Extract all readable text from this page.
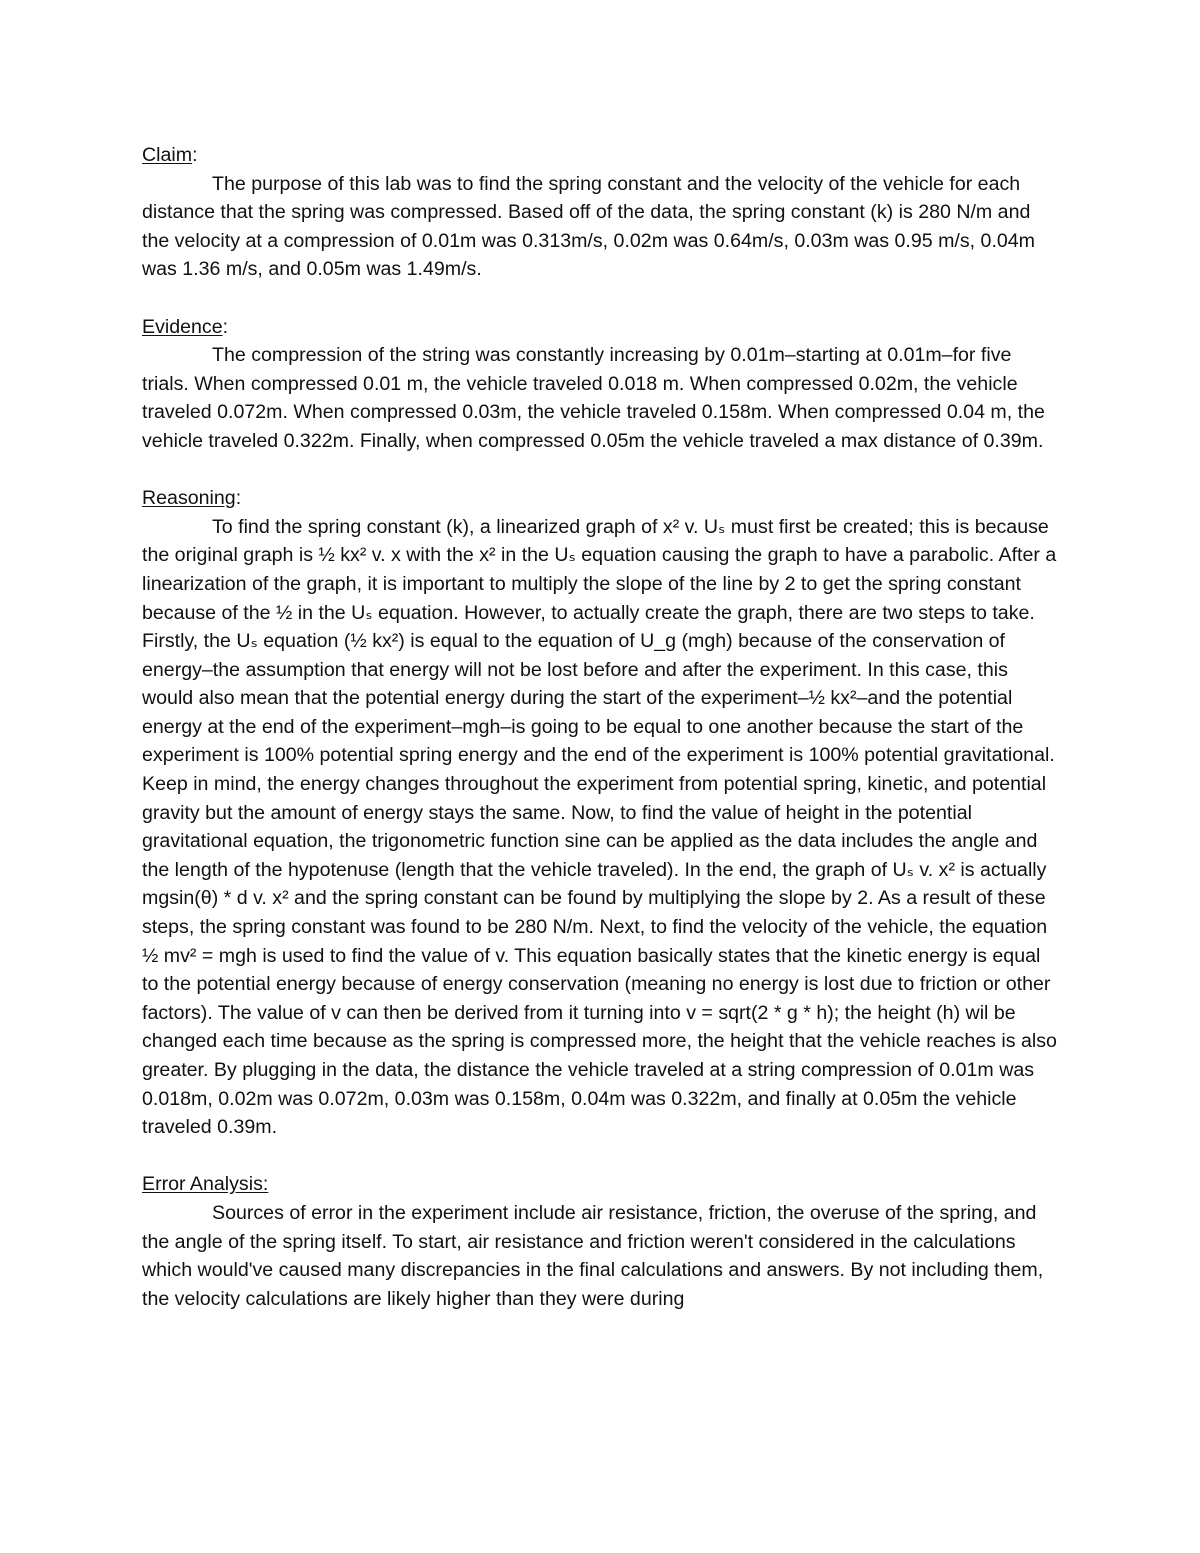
Claim:

The purpose of this lab was to find the spring constant and the velocity of the vehicle for each distance that the spring was compressed. Based off of the data, the spring constant (k) is 280 N/m and the velocity at a compression of 0.01m was 0.313m/s, 0.02m was 0.64m/s, 0.03m was 0.95 m/s, 0.04m was 1.36 m/s, and 0.05m was 1.49m/s.

Evidence:

The compression of the string was constantly increasing by 0.01m–starting at 0.01m–for five trials. When compressed 0.01 m, the vehicle traveled 0.018 m. When compressed 0.02m, the vehicle traveled 0.072m. When compressed 0.03m, the vehicle traveled 0.158m. When compressed 0.04 m, the vehicle traveled 0.322m. Finally, when compressed 0.05m the vehicle traveled a max distance of 0.39m.

Reasoning:

To find the spring constant (k), a linearized graph of x² v. Uₛ must first be created; this is because the original graph is ½ kx² v. x with the x² in the Uₛ equation causing the graph to have a parabolic. After a linearization of the graph, it is important to multiply the slope of the line by 2 to get the spring constant because of the ½ in the Uₛ equation. However, to actually create the graph, there are two steps to take. Firstly, the Uₛ equation (½ kx²) is equal to the equation of U_g (mgh) because of the conservation of energy–the assumption that energy will not be lost before and after the experiment. In this case, this would also mean that the potential energy during the start of the experiment–½ kx²–and the potential energy at the end of the experiment–mgh–is going to be equal to one another because the start of the experiment is 100% potential spring energy and the end of the experiment is 100% potential gravitational. Keep in mind, the energy changes throughout the experiment from potential spring, kinetic, and potential gravity but the amount of energy stays the same. Now, to find the value of height in the potential gravitational equation, the trigonometric function sine can be applied as the data includes the angle and the length of the hypotenuse (length that the vehicle traveled). In the end, the graph of Uₛ v. x² is actually mgsin(θ) * d v. x² and the spring constant can be found by multiplying the slope by 2. As a result of these steps, the spring constant was found to be 280 N/m. Next, to find the velocity of the vehicle, the equation ½ mv² = mgh is used to find the value of v. This equation basically states that the kinetic energy is equal to the potential energy because of energy conservation (meaning no energy is lost due to friction or other factors). The value of v can then be derived from it turning into v = sqrt(2 * g * h); the height (h) wil be changed each time because as the spring is compressed more, the height that the vehicle reaches is also greater. By plugging in the data, the distance the vehicle traveled at a string compression of 0.01m was 0.018m, 0.02m was 0.072m, 0.03m was 0.158m, 0.04m was 0.322m, and finally at 0.05m the vehicle traveled 0.39m.

Error Analysis:

Sources of error in the experiment include air resistance, friction, the overuse of the spring, and the angle of the spring itself. To start, air resistance and friction weren't considered in the calculations which would've caused many discrepancies in the final calculations and answers. By not including them, the velocity calculations are likely higher than they were during
